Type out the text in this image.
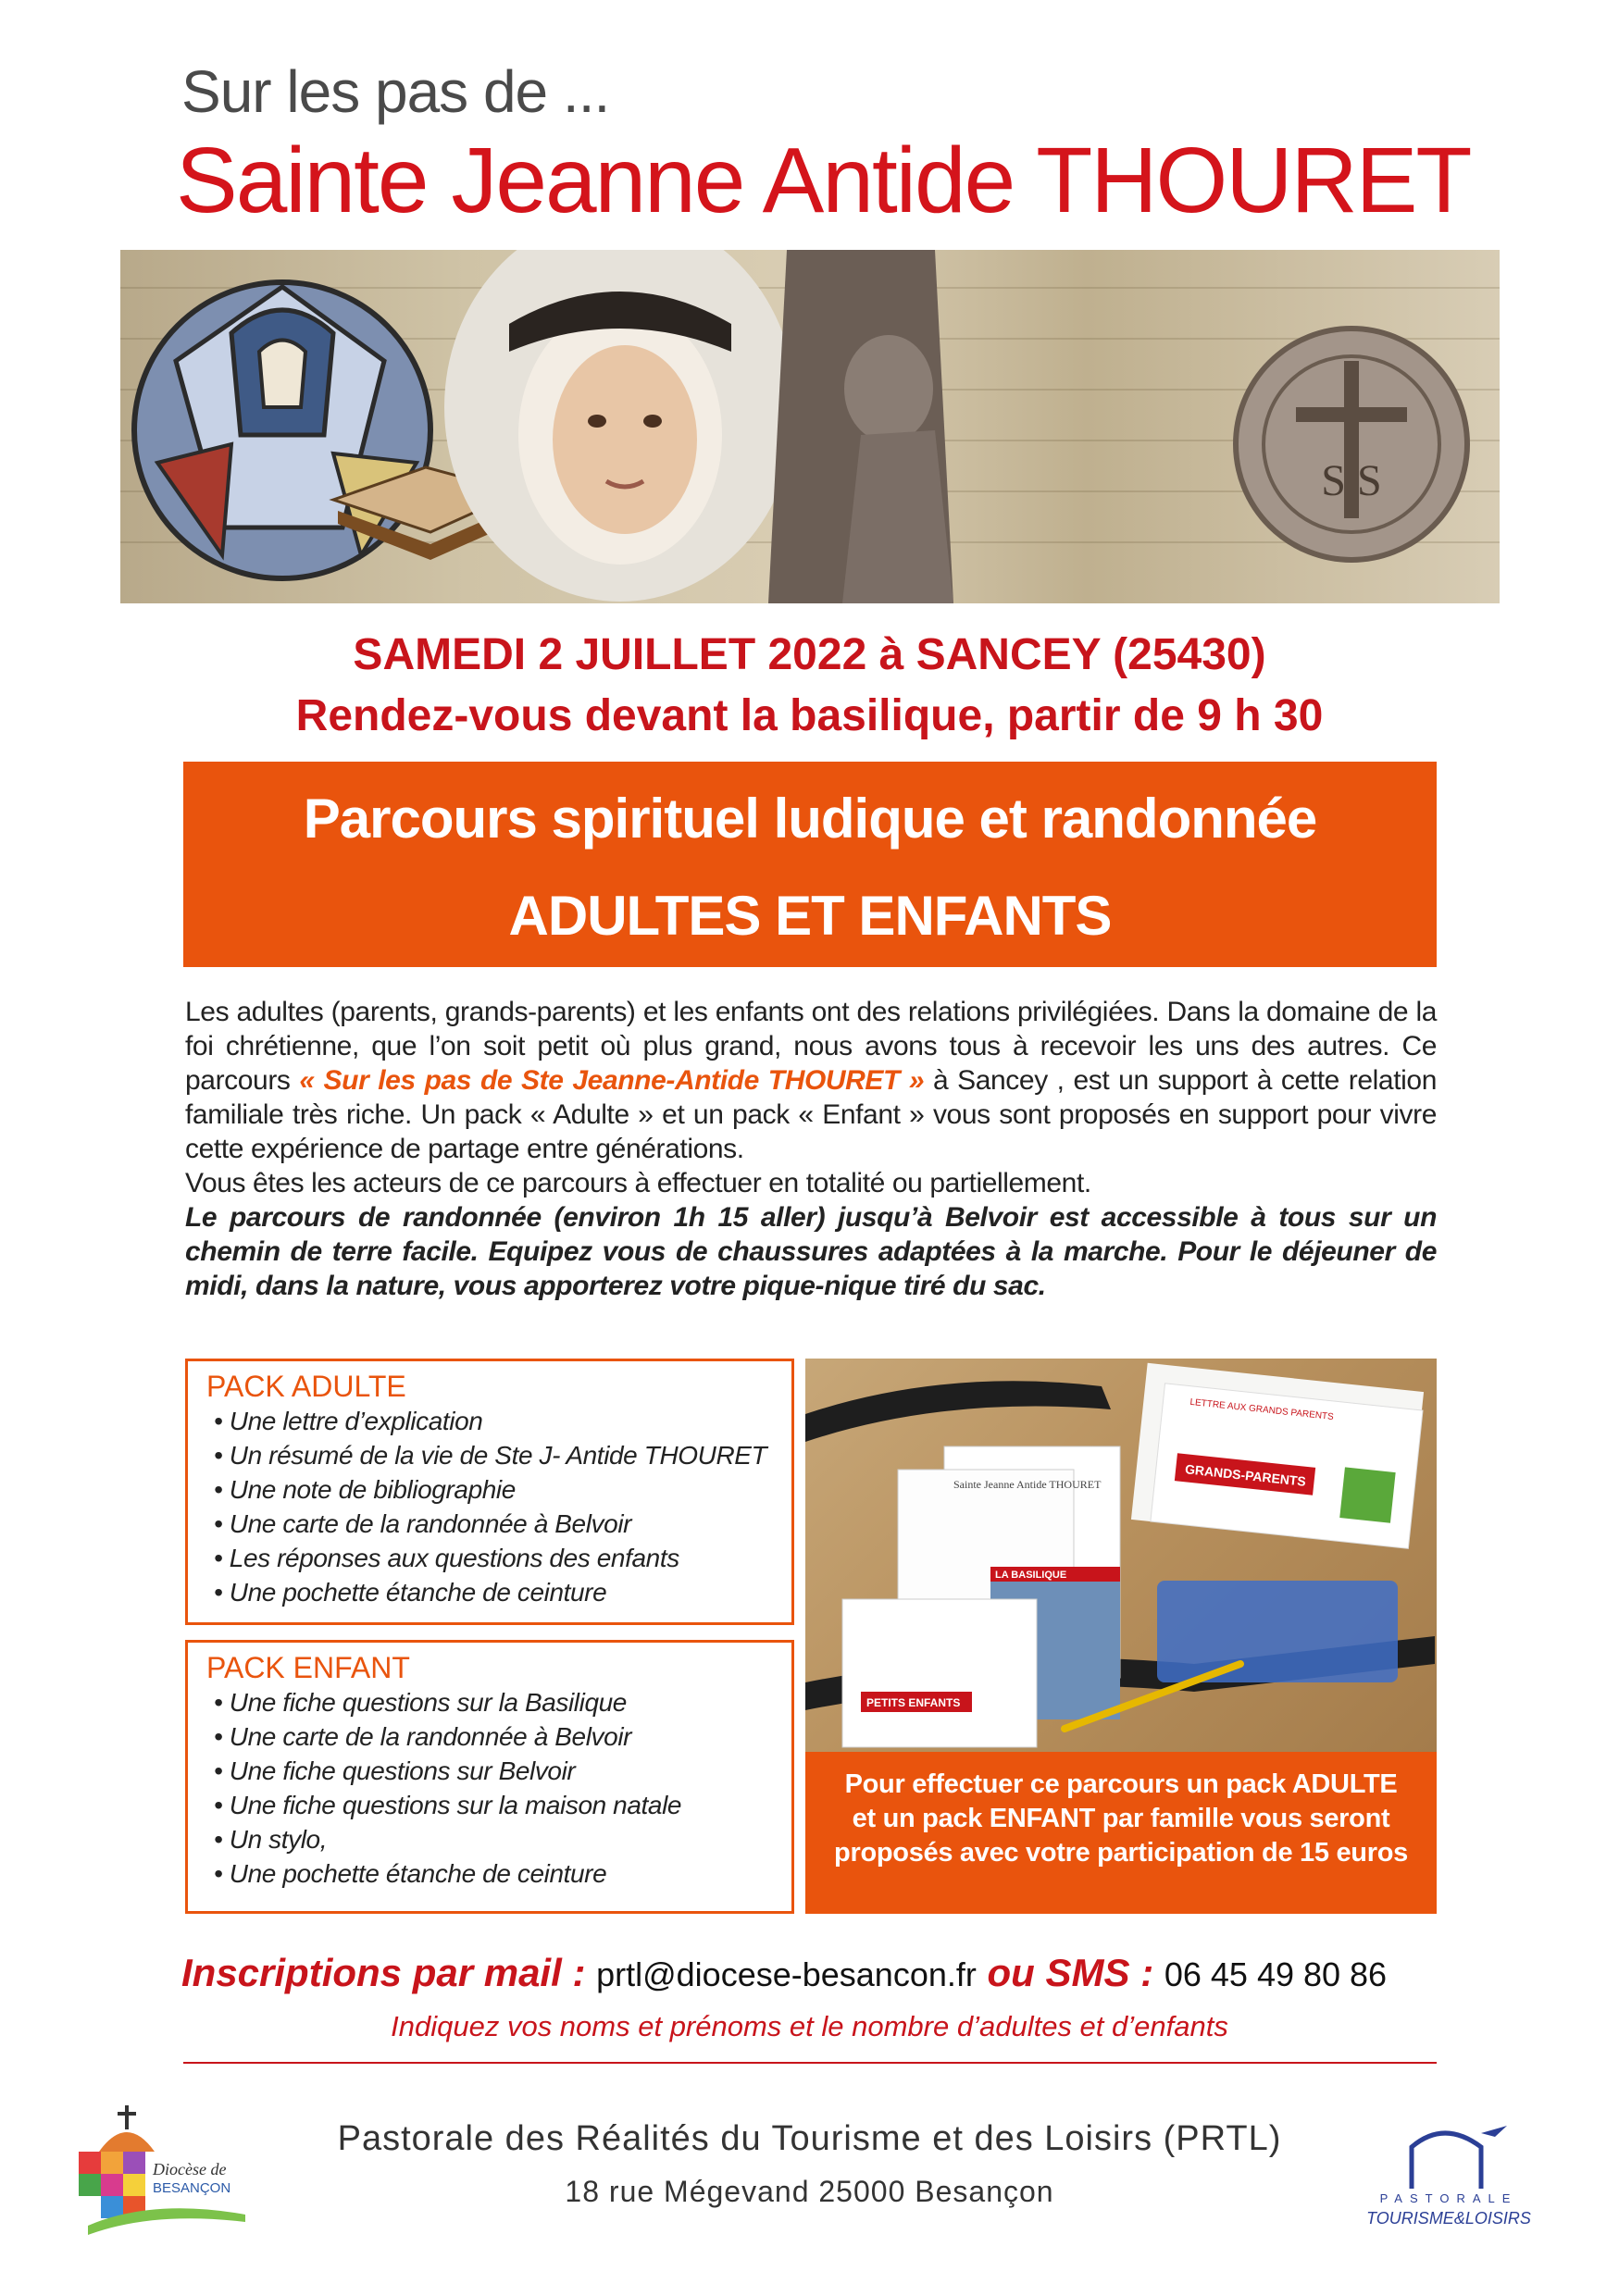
Sur les pas de ...
Sainte Jeanne Antide THOURET
S S
SAMEDI 2 JUILLET 2022 à SANCEY (25430)
Rendez-vous devant la basilique, partir de 9 h 30
Parcours spirituel ludique et randonnée
ADULTES ET ENFANTS
Les adultes (parents, grands-parents) et les enfants ont des relations privilégiées. Dans la domaine de la foi chrétienne, que l’on soit petit où plus grand, nous avons tous à recevoir les uns des autres. Ce parcours « Sur les pas de Ste Jeanne-Antide THOURET » à Sancey , est un support à cette relation familiale très riche. Un pack « Adulte » et un pack « Enfant » vous sont proposés en support pour vivre cette expérience de partage entre générations.
Vous êtes les acteurs de ce parcours à effectuer en totalité ou partiellement.
Le parcours de randonnée (environ 1h 15 aller) jusqu’à Belvoir est accessible à tous sur un chemin de terre facile. Equipez vous de chaussures adaptées à la marche. Pour le déjeuner de midi, dans la nature, vous apporterez votre pique-nique tiré du sac.
PACK ADULTE
• Une lettre d’explication
• Un résumé de la vie de Ste J- Antide THOURET
• Une note de bibliographie
• Une carte de la randonnée à Belvoir
• Les réponses aux questions des enfants
• Une pochette étanche de ceinture
PACK ENFANT
• Une fiche questions sur la Basilique
• Une carte de la randonnée à Belvoir
• Une fiche questions sur Belvoir
• Une fiche questions sur la maison natale
• Un stylo,
• Une pochette étanche de ceinture
LETTRE AUX GRANDS PARENTS
GRANDS-PARENTS
Sainte Jeanne Antide THOURET
LA BASILIQUE
PETITS ENFANTS
Pour effectuer ce parcours un pack ADULTE
et un pack ENFANT par famille vous seront
proposés avec votre participation de 15 euros
Inscriptions par mail : prtl@diocese-besancon.fr ou SMS : 06 45 49 80 86
Indiquez vos noms et prénoms et le nombre d’adultes et d’enfants
Diocèse de
BESANÇON
Pastorale des Réalités du Tourisme et des Loisirs (PRTL)
18 rue Mégevand 25000 Besançon	PASTORALE
TOURISME&LOISIRS
